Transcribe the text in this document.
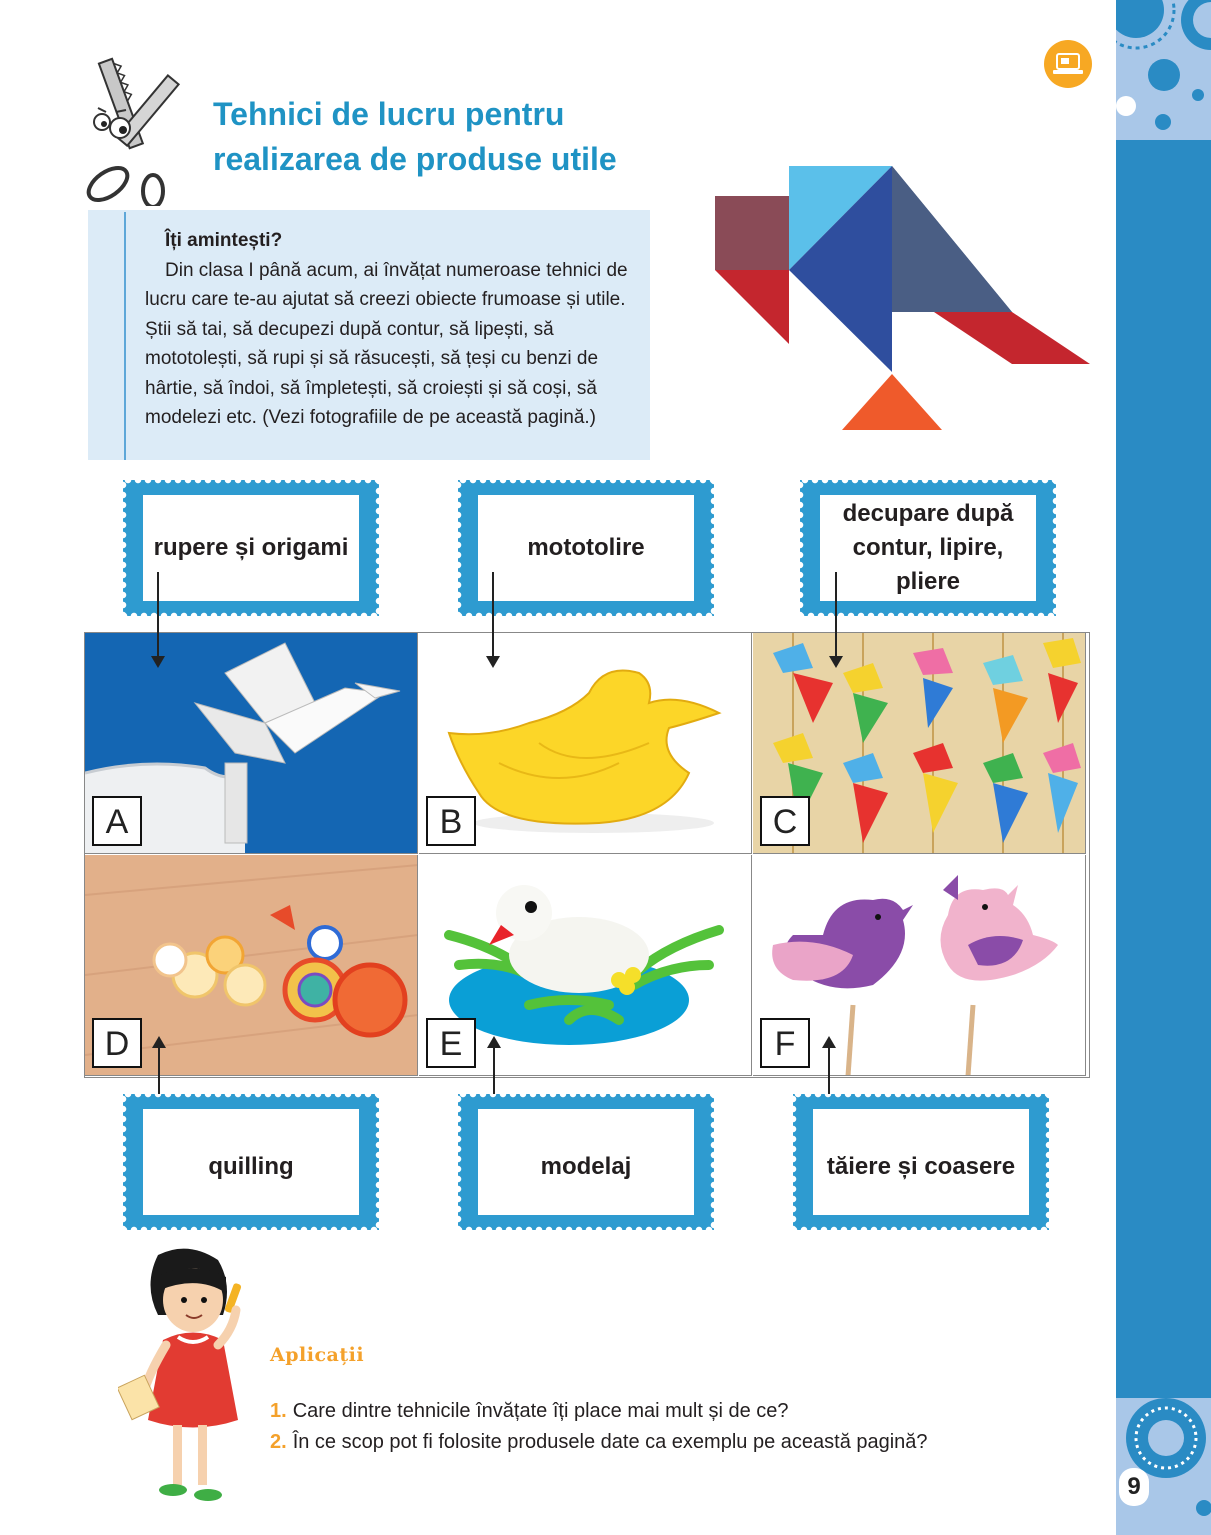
9
Tehnici de lucru pentru
realizarea de produse utile

Îți amintești?
Din clasa I până acum, ai învățat numeroase tehnici de lucru care te-au ajutat să creezi obiecte frumoase și utile. Știi să tai, să decupezi după contur, să lipești, să mototolești, să rupi și să răsucești, să țeși cu benzi de hârtie, să îndoi, să împletești, să croiești și să coși, să modelezi etc. (Vezi fotografiile de pe această pagină.)

rupere și origami	mototolire
decupare după contur, lipire, pliere
A	B	C
D	E	F
quilling	modelaj	tăiere și coasere

Aplicații

1. Care dintre tehnicile învățate îți place mai mult și de ce?

2. În ce scop pot fi folosite produsele date ca exemplu pe această pagină?
